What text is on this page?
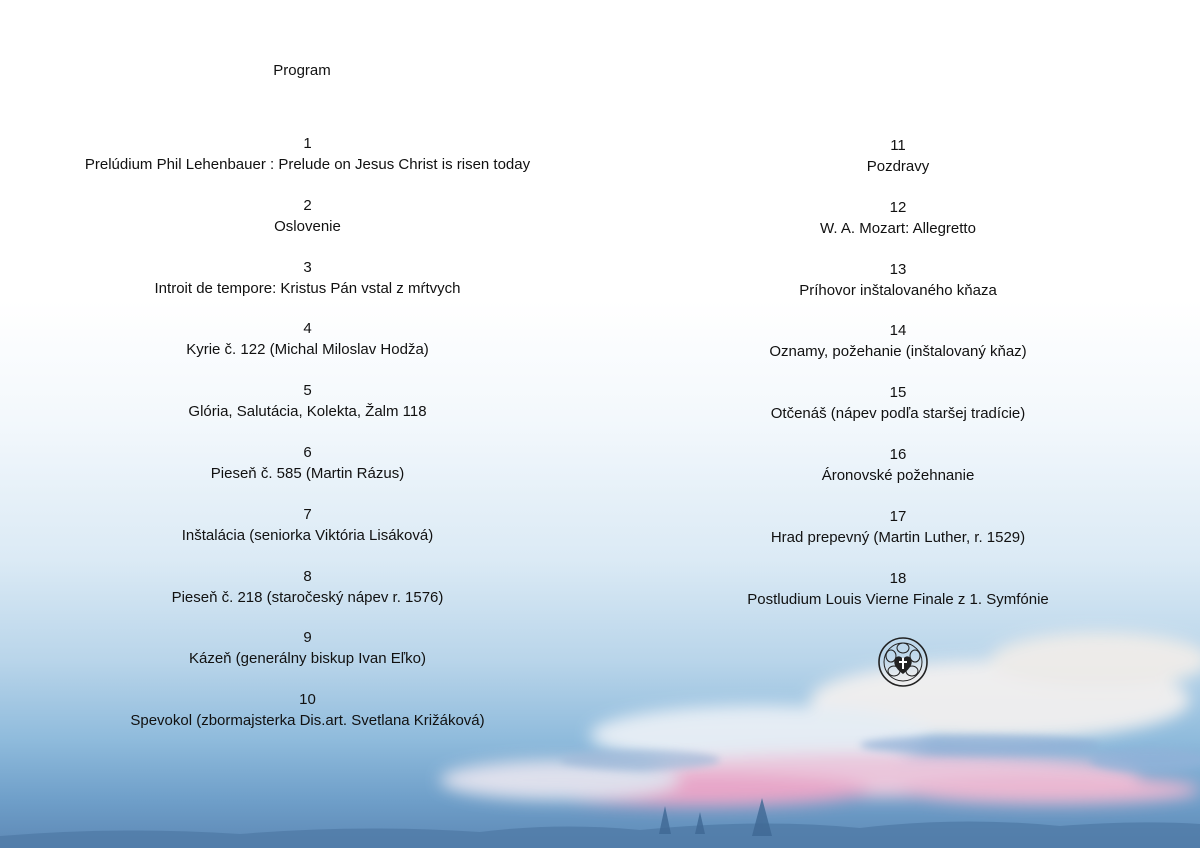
Program
1
Prelúdium Phil Lehenbauer : Prelude on Jesus Christ is risen today
2
Oslovenie
3
Introit de tempore: Kristus Pán vstal z mŕtvych
4
Kyrie č. 122 (Michal Miloslav Hodža)
5
Glória, Salutácia, Kolekta, Žalm 118
6
Pieseň č. 585 (Martin Rázus)
7
Inštalácia (seniorka Viktória Lisáková)
8
Pieseň č. 218 (staročeský nápev r. 1576)
9
Kázeň (generálny biskup Ivan Eľko)
10
Spevokol (zbormajsterka Dis.art. Svetlana Križáková)
11
Pozdravy
12
W. A. Mozart: Allegretto
13
Príhovor inštalovaného kňaza
14
Oznamy, požehanie (inštalovaný kňaz)
15
Otčenáš (nápev podľa staršej tradície)
16
Áronovské požehnanie
17
Hrad prepevný (Martin Luther, r. 1529)
18
Postludium Louis Vierne Finale z 1. Symfónie
